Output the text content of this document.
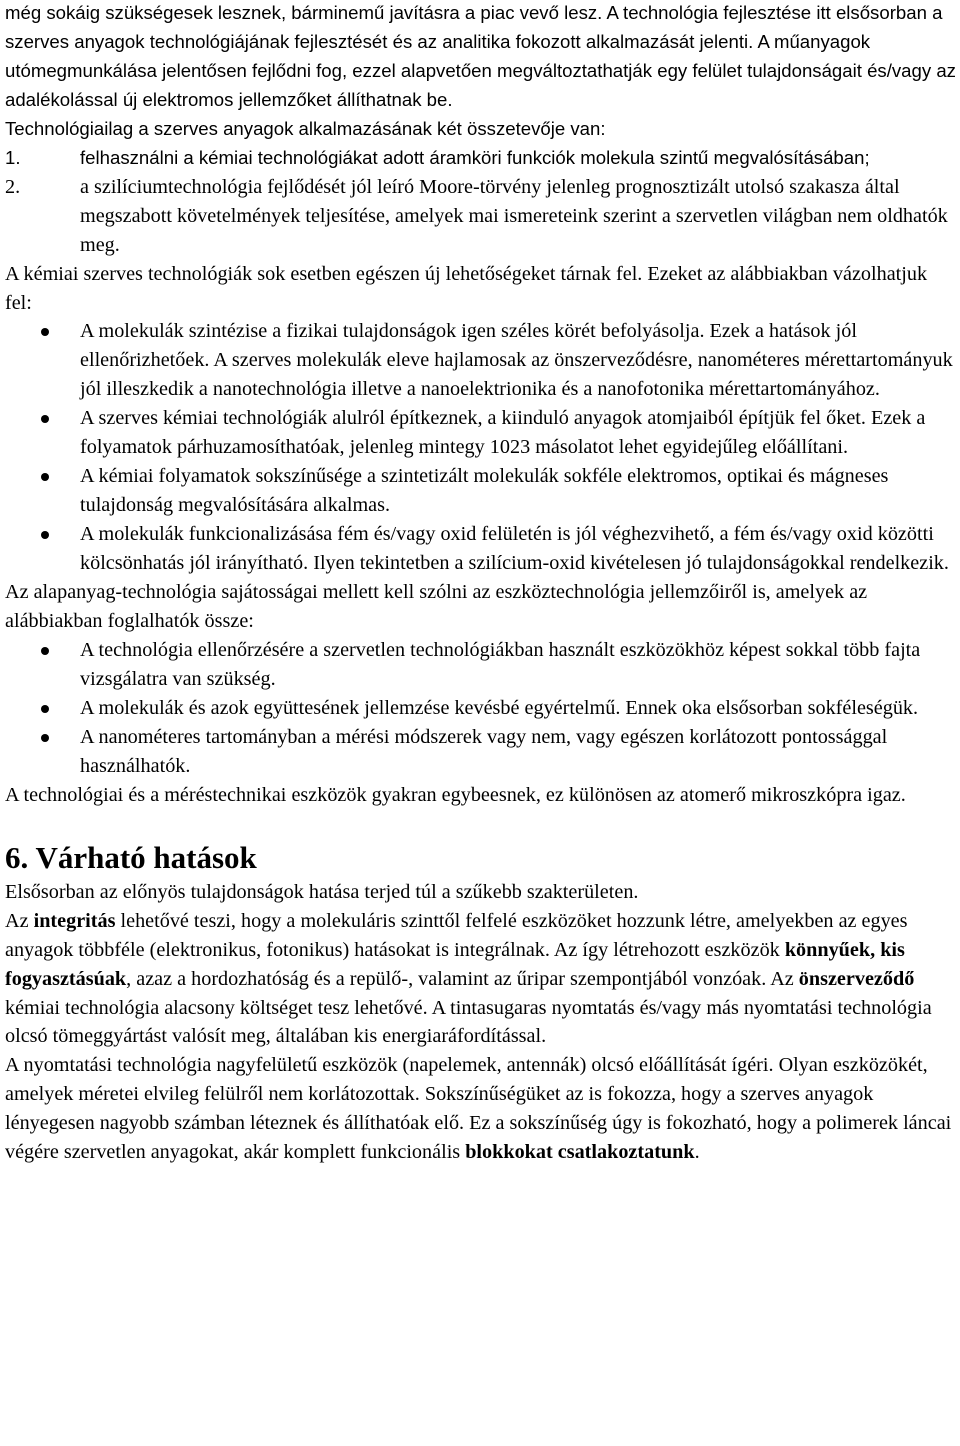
még sokáig szükségesek lesznek, bárminemű javításra a piac vevő lesz. A technológia fejlesztése itt elsősorban a szerves anyagok technológiájának fejlesztését és az analitika fokozott alkalmazását jelenti. A műanyagok utómegmunkálása jelentősen fejlődni fog, ezzel alapvetően megváltoztathatják egy felület tulajdonságait és/vagy az adalékolással új elektromos jellemzőket állíthatnak be.

Technológiailag a szerves anyagok alkalmazásának két összetevője van:

1.	felhasználni a kémiai technológiákat adott áramköri funkciók molekula szintű megvalósításában;
2.	a szilíciumtechnológia fejlődését jól leíró Moore-törvény jelenleg prognosztizált utolsó szakasza által megszabott követelmények teljesítése, amelyek mai ismereteink szerint a szervetlen világban nem oldhatók meg.

A kémiai szerves technológiák sok esetben egészen új lehetőségeket tárnak fel. Ezeket az alábbiakban vázolhatjuk fel:

A molekulák szintézise a fizikai tulajdonságok igen széles körét befolyásolja. Ezek a hatások jól ellenőrizhetőek. A szerves molekulák eleve hajlamosak az önszerveződésre, nanométeres mérettartományuk jól illeszkedik a nanotechnológia illetve a nanoelektrionika és a nanofotonika mérettartományához.
A szerves kémiai technológiák alulról építkeznek, a kiinduló anyagok atomjaiból építjük fel őket. Ezek a folyamatok párhuzamosíthatóak, jelenleg mintegy 1023 másolatot lehet egyidejűleg előállítani.
A kémiai folyamatok sokszínűsége a szintetizált molekulák sokféle elektromos, optikai és mágneses tulajdonság megvalósítására alkalmas.
A molekulák funkcionalizásása fém és/vagy oxid felületén is jól véghezvihető, a fém és/vagy oxid közötti kölcsönhatás jól irányítható. Ilyen tekintetben a szilícium-oxid kivételesen jó tulajdonságokkal rendelkezik.

Az alapanyag-technológia sajátosságai mellett kell szólni az eszköztechnológia jellemzőiről is, amelyek az alábbiakban foglalhatók össze:

A technológia ellenőrzésére a szervetlen technológiákban használt eszközökhöz képest sokkal több fajta vizsgálatra van szükség.
A molekulák és azok együttesének jellemzése kevésbé egyértelmű. Ennek oka elsősorban sokféleségük.
A nanométeres tartományban a mérési módszerek vagy nem, vagy egészen korlátozott pontossággal használhatók.

A technológiai és a méréstechnikai eszközök gyakran egybeesnek, ez különösen az atomerő mikroszkópra igaz.

6. Várható hatások

Elsősorban az előnyös tulajdonságok hatása terjed túl a szűkebb szakterületen.

Az integritás lehetővé teszi, hogy a molekuláris szinttől felfelé eszközöket hozzunk létre, amelyekben az egyes anyagok többféle (elektronikus, fotonikus) hatásokat is integrálnak. Az így létrehozott eszközök könnyűek, kis fogyasztásúak, azaz a hordozhatóság és a repülő-, valamint az űripar szempontjából vonzóak. Az önszerveződő kémiai technológia alacsony költséget tesz lehetővé. A tintasugaras nyomtatás és/vagy más nyomtatási technológia olcsó tömeggyártást valósít meg, általában kis energiaráfordítással.

A nyomtatási technológia nagyfelületű eszközök (napelemek, antennák) olcsó előállítását ígéri. Olyan eszközökét, amelyek méretei elvileg felülről nem korlátozottak. Sokszínűségüket az is fokozza, hogy a szerves anyagok lényegesen nagyobb számban léteznek és állíthatóak elő. Ez a sokszínűség úgy is fokozható, hogy a polimerek láncai végére szervetlen anyagokat, akár komplett funkcionális blokkokat csatlakoztatunk.
